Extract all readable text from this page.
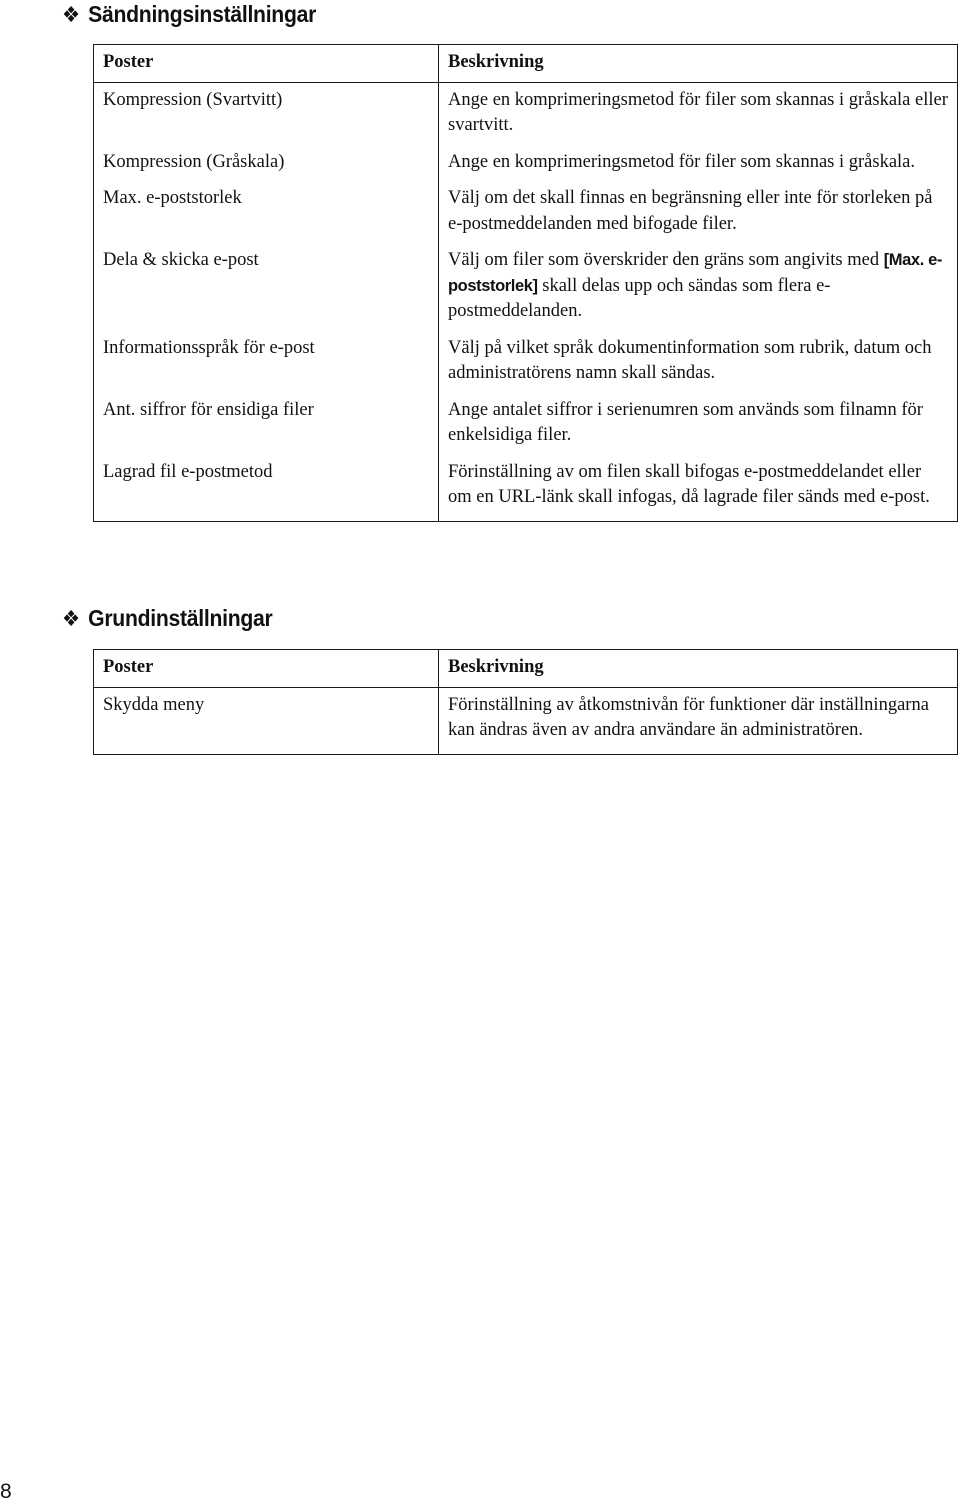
❖ Sändningsinställningar
Poster	Beskrivning
Kompression (Svartvitt)	Ange en komprimeringsmetod för filer som skannas i gråskala eller svartvitt.
Kompression (Gråskala)	Ange en komprimeringsmetod för filer som skannas i gråskala.
Max. e-poststorlek	Välj om det skall finnas en begränsning eller inte för storleken på e-postmeddelanden med bifogade filer.
Dela & skicka e-post	Välj om filer som överskrider den gräns som angivits med [Max. e-poststorlek] skall delas upp och sändas som flera e-postmeddelanden.
Informationsspråk för e-post	Välj på vilket språk dokumentinformation som rubrik, datum och administratörens namn skall sändas.
Ant. siffror för ensidiga filer	Ange antalet siffror i serienumren som används som filnamn för enkelsidiga filer.
Lagrad fil e-postmetod	Förinställning av om filen skall bifogas e-postmeddelandet eller om en URL-länk skall infogas, då lagrade filer sänds med e-post.
❖ Grundinställningar
Poster	Beskrivning
Skydda meny	Förinställning av åtkomstnivån för funktioner där inställningarna kan ändras även av andra användare än administratören.
8
